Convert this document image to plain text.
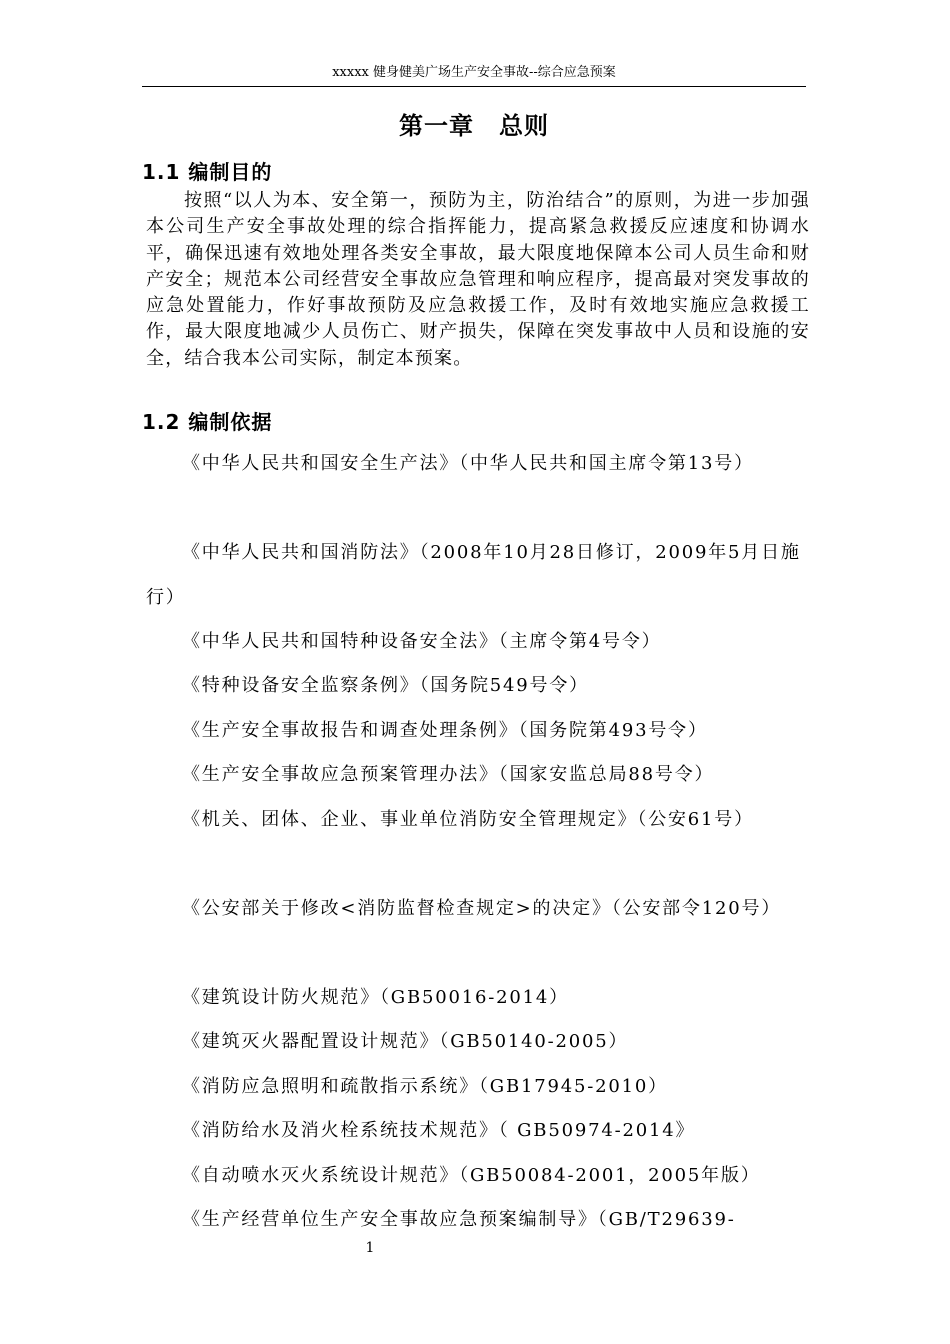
xxxxx 健身健美广场生产安全事故--综合应急预案
第一章　总则
1.1 编制目的

按照“以人为本、安全第一，预防为主，防治结合”的原则，为进一步加强本公司生产安全事故处理的综合指挥能力，提高紧急救援反应速度和协调水平，确保迅速有效地处理各类安全事故，最大限度地保障本公司人员生命和财产安全；规范本公司经营安全事故应急管理和响应程序，提高最对突发事故的应急处置能力，作好事故预防及应急救援工作，及时有效地实施应急救援工作，最大限度地减少人员伤亡、财产损失，保障在突发事故中人员和设施的安全，结合我本公司实际，制定本预案。

1.2 编制依据

《中华人民共和国安全生产法》（中华人民共和国主席令第13号）

《中华人民共和国消防法》（2008年10月28日修订，2009年5月日施行）

《中华人民共和国特种设备安全法》（主席令第4号令）

《特种设备安全监察条例》（国务院549号令）

《生产安全事故报告和调查处理条例》（国务院第493号令）

《生产安全事故应急预案管理办法》（国家安监总局88号令）

《机关、团体、企业、事业单位消防安全管理规定》（公安61号）

《公安部关于修改<消防监督检查规定>的决定》（公安部令120号）

《建筑设计防火规范》（GB50016-2014）

《建筑灭火器配置设计规范》（GB50140-2005）

《消防应急照明和疏散指示系统》（GB17945-2010）

《消防给水及消火栓系统技术规范》（ GB50974-2014》

《自动喷水灭火系统设计规范》（GB50084-2001，2005年版）

《生产经营单位生产安全事故应急预案编制导》（GB/T29639-

1
